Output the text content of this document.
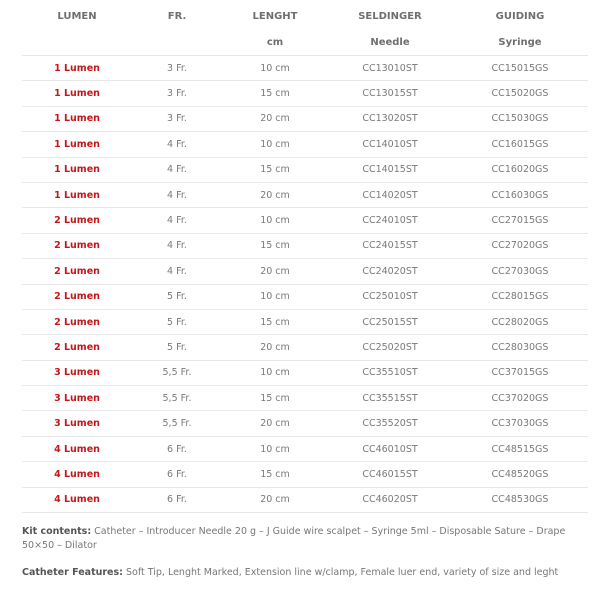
LUMEN	FR.	LENGHT	SELDINGER	GUIDING
		cm	Needle	Syringe
1 Lumen	3 Fr.	10 cm	CC13010ST	CC15015GS
1 Lumen	3 Fr.	15 cm	CC13015ST	CC15020GS
1 Lumen	3 Fr.	20 cm	CC13020ST	CC15030GS
1 Lumen	4 Fr.	10 cm	CC14010ST	CC16015GS
1 Lumen	4 Fr.	15 cm	CC14015ST	CC16020GS
1 Lumen	4 Fr.	20 cm	CC14020ST	CC16030GS
2 Lumen	4 Fr.	10 cm	CC24010ST	CC27015GS
2 Lumen	4 Fr.	15 cm	CC24015ST	CC27020GS
2 Lumen	4 Fr.	20 cm	CC24020ST	CC27030GS
2 Lumen	5 Fr.	10 cm	CC25010ST	CC28015GS
2 Lumen	5 Fr.	15 cm	CC25015ST	CC28020GS
2 Lumen	5 Fr.	20 cm	CC25020ST	CC28030GS
3 Lumen	5,5 Fr.	10 cm	CC35510ST	CC37015GS
3 Lumen	5,5 Fr.	15 cm	CC35515ST	CC37020GS
3 Lumen	5,5 Fr.	20 cm	CC35520ST	CC37030GS
4 Lumen	6 Fr.	10 cm	CC46010ST	CC48515GS
4 Lumen	6 Fr.	15 cm	CC46015ST	CC48520GS
4 Lumen	6 Fr.	20 cm	CC46020ST	CC48530GS
Kit contents: Catheter – Introducer Needle 20 g – J Guide wire scalpet – Syringe 5ml – Disposable Sature – Drape 50×50 – Dilator
Catheter Features: Soft Tip, Lenght Marked, Extension line w/clamp, Female luer end, variety of size and leght
